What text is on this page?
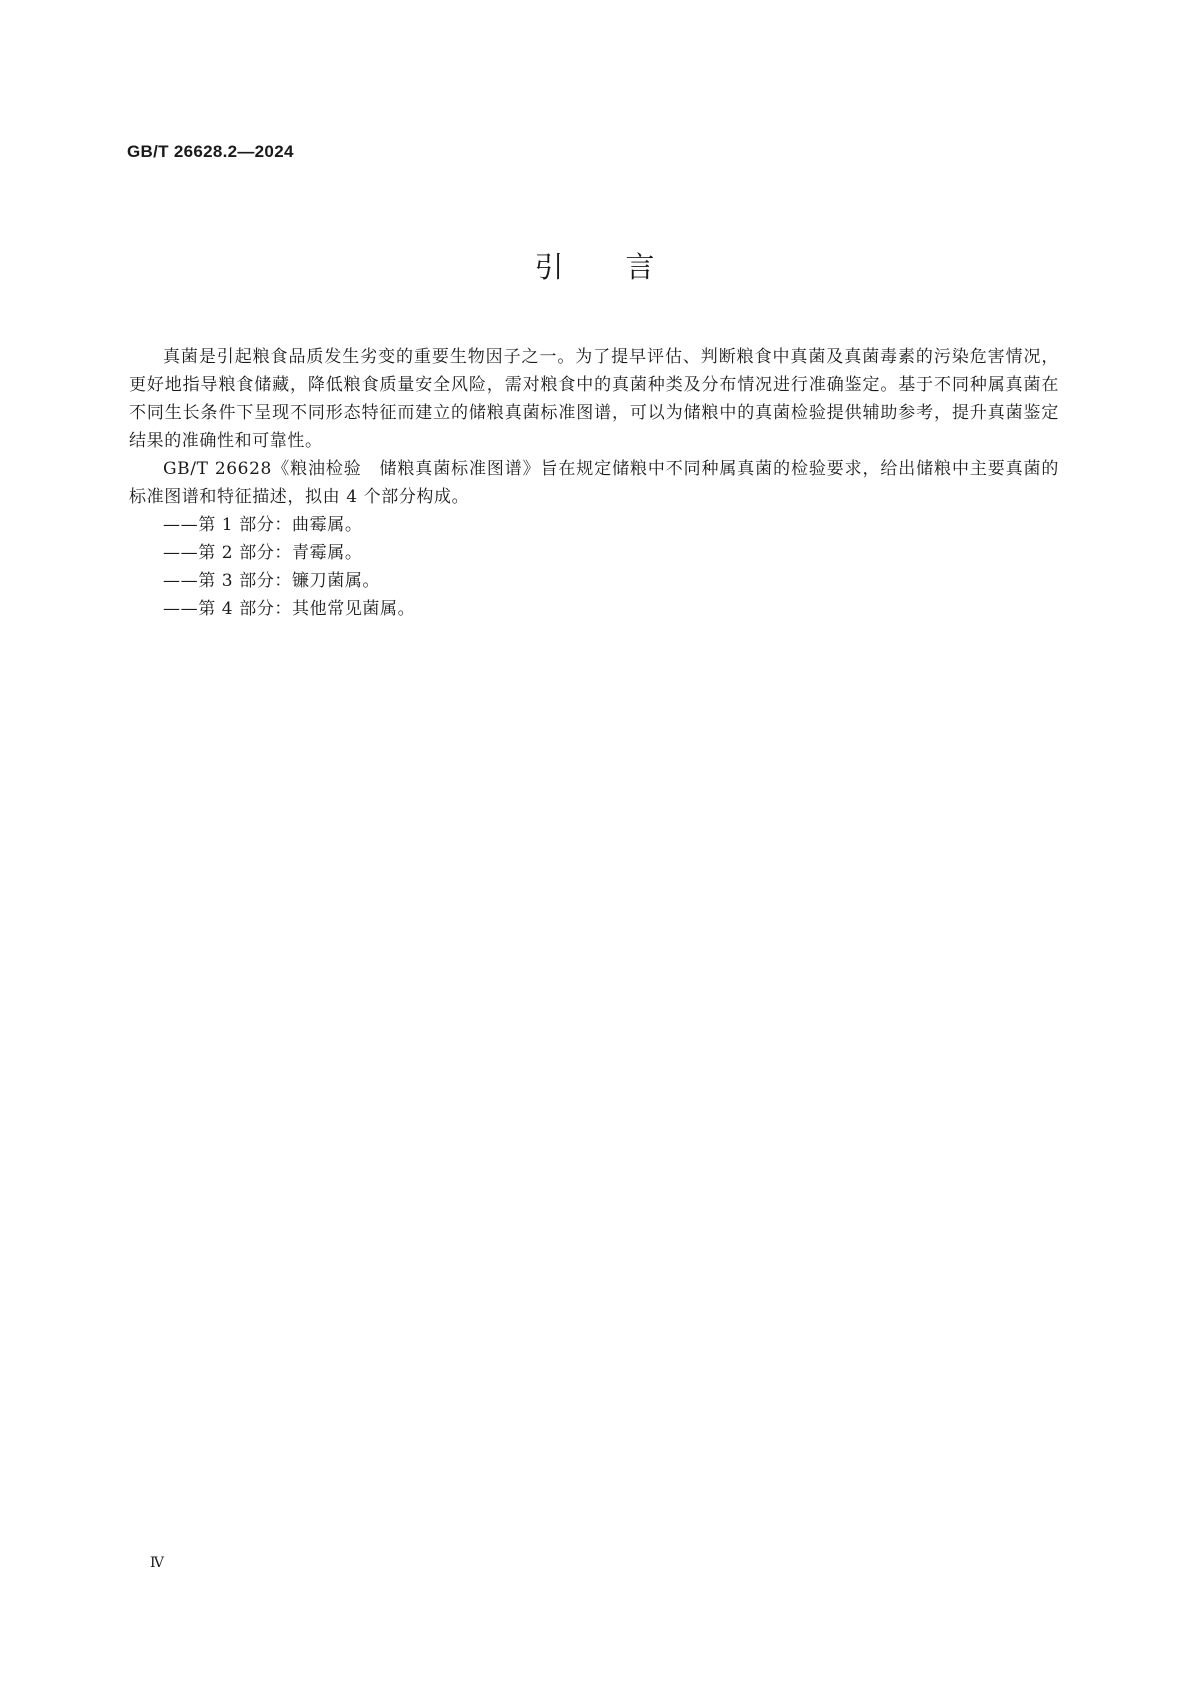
GB/T 26628.2—2024
引 言

真菌是引起粮食品质发生劣变的重要生物因子之一。为了提早评估、判断粮食中真菌及真菌毒素的污染危害情况，更好地指导粮食储藏，降低粮食质量安全风险，需对粮食中的真菌种类及分布情况进行准确鉴定。基于不同种属真菌在不同生长条件下呈现不同形态特征而建立的储粮真菌标准图谱，可以为储粮中的真菌检验提供辅助参考，提升真菌鉴定结果的准确性和可靠性。

GB/T 26628《粮油检验　储粮真菌标准图谱》旨在规定储粮中不同种属真菌的检验要求，给出储粮中主要真菌的标准图谱和特征描述，拟由 4 个部分构成。

——第 1 部分：曲霉属。
——第 2 部分：青霉属。
——第 3 部分：镰刀菌属。
——第 4 部分：其他常见菌属。
Ⅳ
